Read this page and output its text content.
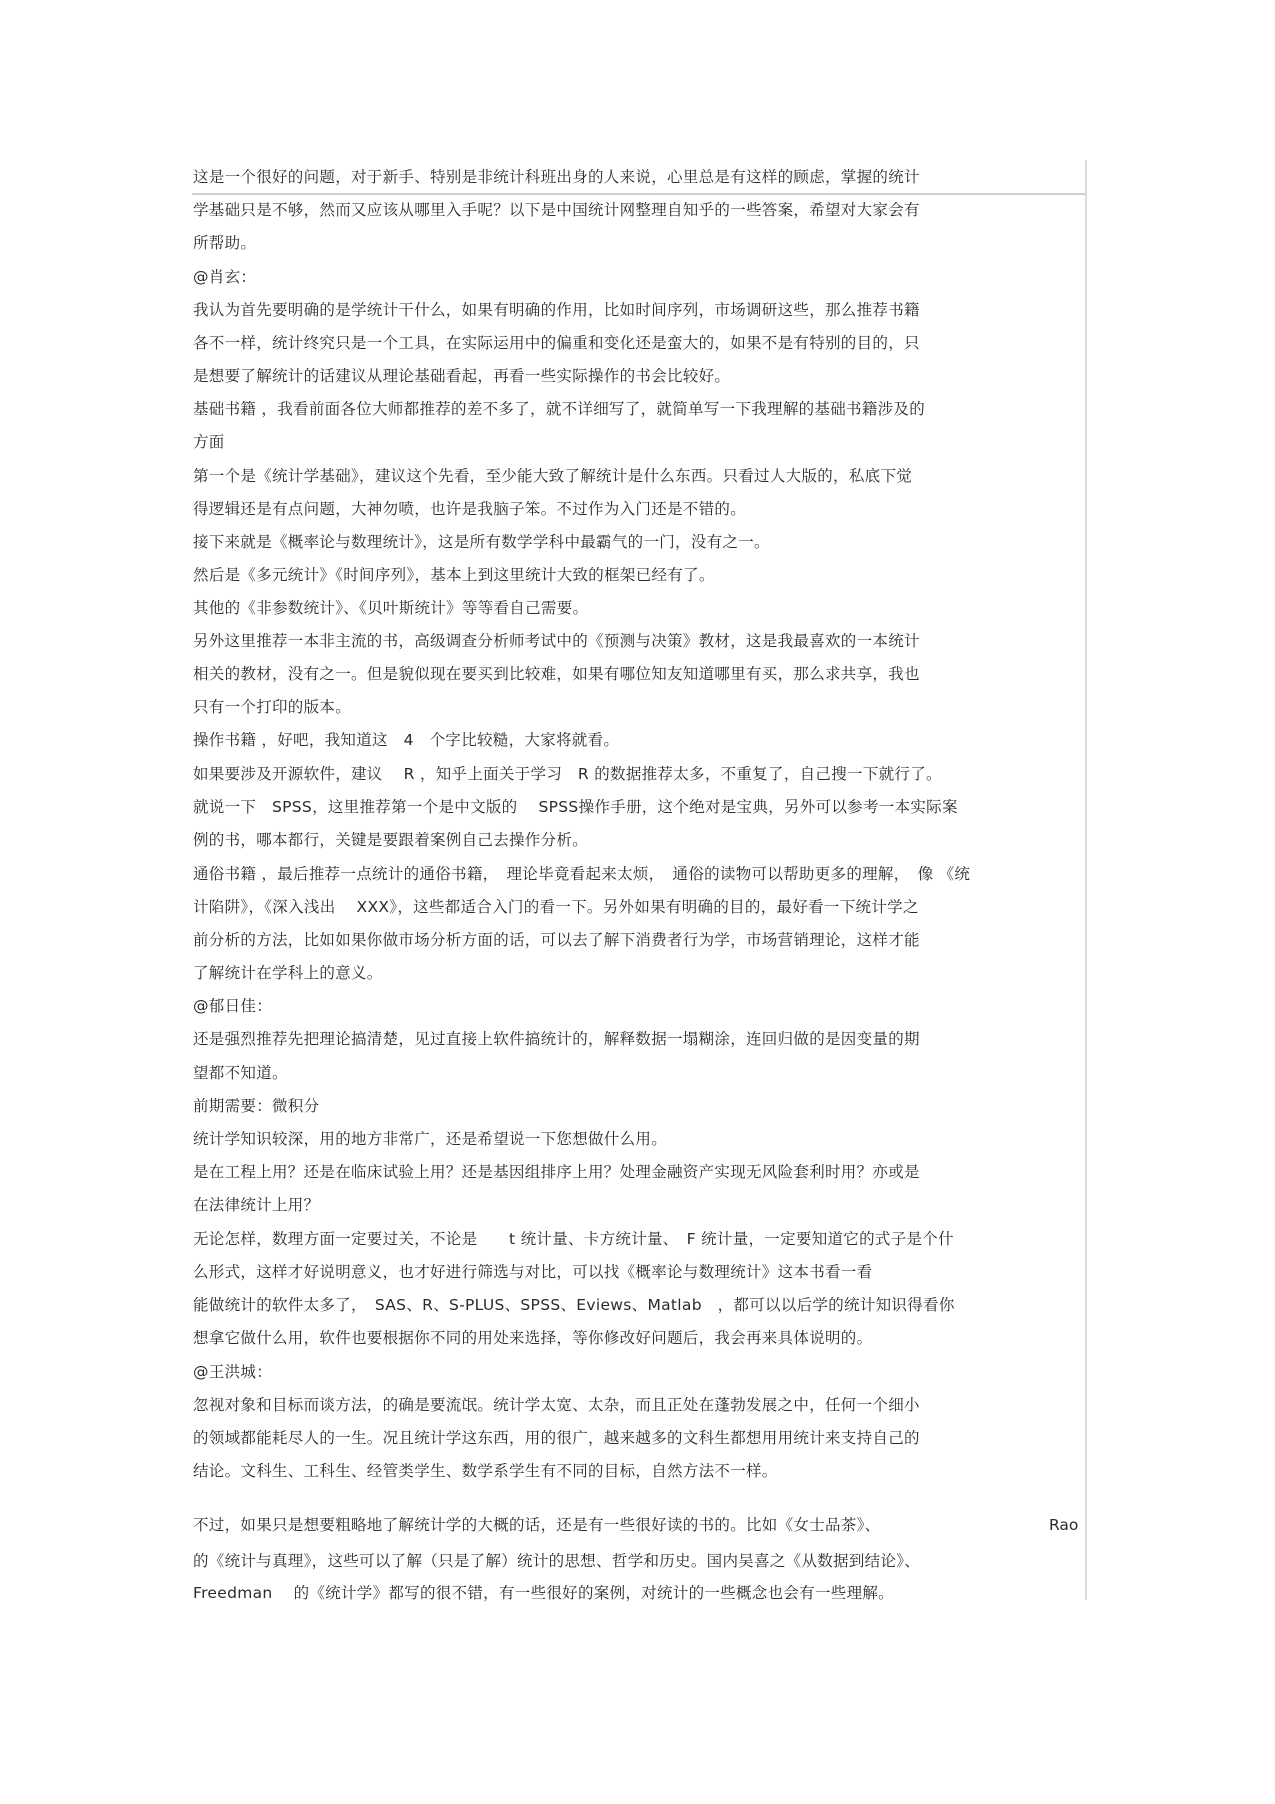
这是一个很好的问题，对于新手、特别是非统计科班出身的人来说，心里总是有这样的顾虑，掌握的统计
学基础只是不够，然而又应该从哪里入手呢？以下是中国统计网整理自知乎的一些答案，希望对大家会有
所帮助。
@肖玄：
我认为首先要明确的是学统计干什么，如果有明确的作用，比如时间序列，市场调研这些，那么推荐书籍
各不一样，统计终究只是一个工具，在实际运用中的偏重和变化还是蛮大的，如果不是有特别的目的，只
是想要了解统计的话建议从理论基础看起，再看一些实际操作的书会比较好。
基础书籍 ，我看前面各位大师都推荐的差不多了，就不详细写了，就简单写一下我理解的基础书籍涉及的
方面
第一个是《统计学基础》，建议这个先看，至少能大致了解统计是什么东西。只看过人大版的，私底下觉
得逻辑还是有点问题，大神勿喷，也许是我脑子笨。不过作为入门还是不错的。
接下来就是《概率论与数理统计》，这是所有数学学科中最霸气的一门，没有之一。
然后是《多元统计》《时间序列》，基本上到这里统计大致的框架已经有了。
其他的《非参数统计》、《贝叶斯统计》等等看自己需要。
另外这里推荐一本非主流的书，高级调查分析师考试中的《预测与决策》教材，这是我最喜欢的一本统计
相关的教材，没有之一。但是貌似现在要买到比较难，如果有哪位知友知道哪里有买，那么求共享，我也
只有一个打印的版本。
操作书籍 ，好吧，我知道这　4　个字比较糙，大家将就看。
如果要涉及开源软件，建议　 R ，知乎上面关于学习　R 的数据推荐太多，不重复了，自己搜一下就行了。
就说一下　SPSS，这里推荐第一个是中文版的　 SPSS操作手册，这个绝对是宝典，另外可以参考一本实际案
例的书，哪本都行，关键是要跟着案例自己去操作分析。
通俗书籍 ，最后推荐一点统计的通俗书籍，　理论毕竟看起来太烦，　通俗的读物可以帮助更多的理解，　像 《统
计陷阱》，《深入浅出　 XXX》，这些都适合入门的看一下。另外如果有明确的目的，最好看一下统计学之
前分析的方法，比如如果你做市场分析方面的话，可以去了解下消费者行为学，市场营销理论，这样才能
了解统计在学科上的意义。
@郁日佳：
还是强烈推荐先把理论搞清楚，见过直接上软件搞统计的，解释数据一塌糊涂，连回归做的是因变量的期
望都不知道。
前期需要：微积分
统计学知识较深，用的地方非常广，还是希望说一下您想做什么用。
是在工程上用？还是在临床试验上用？还是基因组排序上用？处理金融资产实现无风险套利时用？亦或是
在法律统计上用？
无论怎样，数理方面一定要过关，不论是　　t 统计量、卡方统计量、　F 统计量，一定要知道它的式子是个什
么形式，这样才好说明意义，也才好进行筛选与对比，可以找《概率论与数理统计》这本书看一看
能做统计的软件太多了，　SAS、R、S-PLUS、SPSS、Eviews、Matlab　，都可以以后学的统计知识得看你
想拿它做什么用，软件也要根据你不同的用处来选择，等你修改好问题后，我会再来具体说明的。
@王洪城：
忽视对象和目标而谈方法，的确是要流氓。统计学太宽、太杂，而且正处在蓬勃发展之中，任何一个细小
的领域都能耗尽人的一生。况且统计学这东西，用的很广，越来越多的文科生都想用用统计来支持自己的
结论。文科生、工科生、经管类学生、数学系学生有不同的目标，自然方法不一样。
不过，如果只是想要粗略地了解统计学的大概的话，还是有一些很好读的书的。比如《女士品茶》、
的《统计与真理》，这些可以了解（只是了解）统计的思想、哲学和历史。国内吴喜之《从数据到结论》、
Freedman　 的《统计学》都写的很不错，有一些很好的案例，对统计的一些概念也会有一些理解。
Rao
